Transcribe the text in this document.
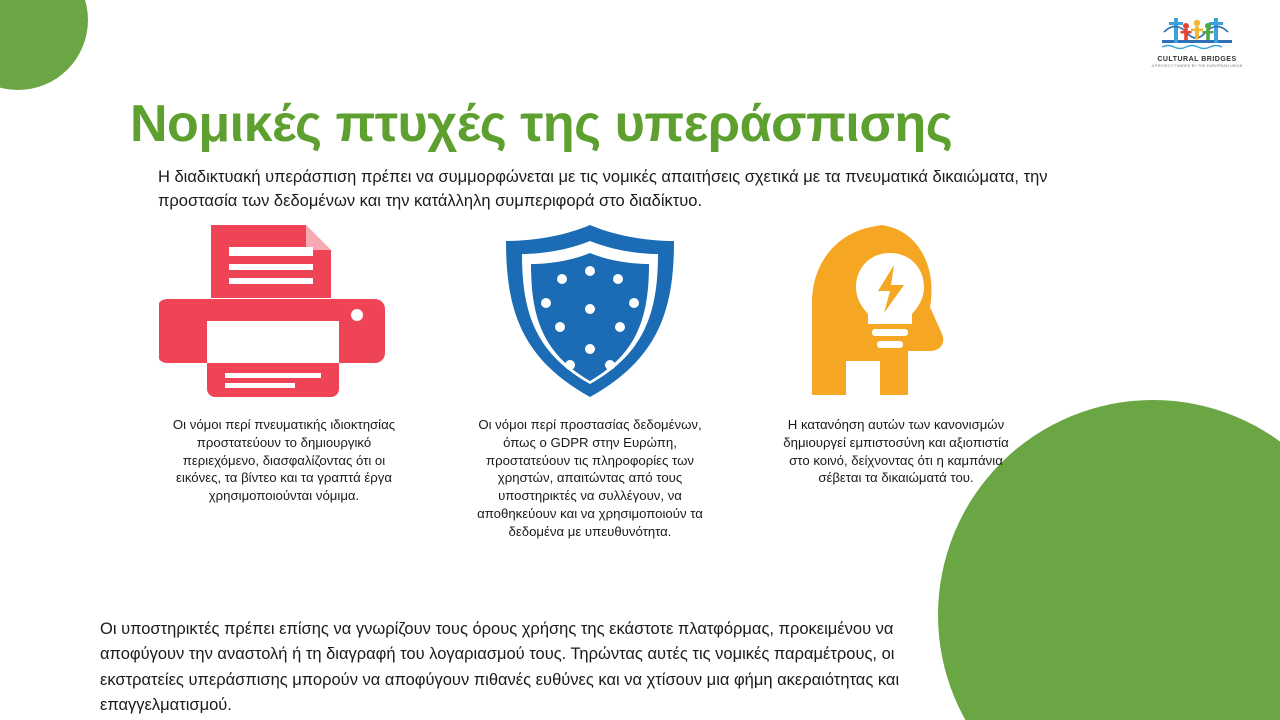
CULTURAL BRIDGES
A PROJECT FUNDED BY THE EUROPEAN UNION
Νομικές πτυχές της υπεράσπισης

Η διαδικτυακή υπεράσπιση πρέπει να συμμορφώνεται με τις νομικές απαιτήσεις σχετικά με τα πνευματικά δικαιώματα, την προστασία των δεδομένων και την κατάλληλη συμπεριφορά στο διαδίκτυο.

Οι νόμοι περί πνευματικής ιδιοκτησίας προστατεύουν το δημιουργικό περιεχόμενο, διασφαλίζοντας ότι οι εικόνες, τα βίντεο και τα γραπτά έργα χρησιμοποιούνται νόμιμα.
Οι νόμοι περί προστασίας δεδομένων, όπως ο GDPR στην Ευρώπη, προστατεύουν τις πληροφορίες των χρηστών, απαιτώντας από τους υποστηρικτές να συλλέγουν, να αποθηκεύουν και να χρησιμοποιούν τα δεδομένα με υπευθυνότητα.
Η κατανόηση αυτών των κανονισμών δημιουργεί εμπιστοσύνη και αξιοπιστία στο κοινό, δείχνοντας ότι η καμπάνια σέβεται τα δικαιώματά του.

Οι υποστηρικτές πρέπει επίσης να γνωρίζουν τους όρους χρήσης της εκάστοτε πλατφόρμας, προκειμένου να αποφύγουν την αναστολή ή τη διαγραφή του λογαριασμού τους. Τηρώντας αυτές τις νομικές παραμέτρους, οι εκστρατείες υπεράσπισης μπορούν να αποφύγουν πιθανές ευθύνες και να χτίσουν μια φήμη ακεραιότητας και επαγγελματισμού.
